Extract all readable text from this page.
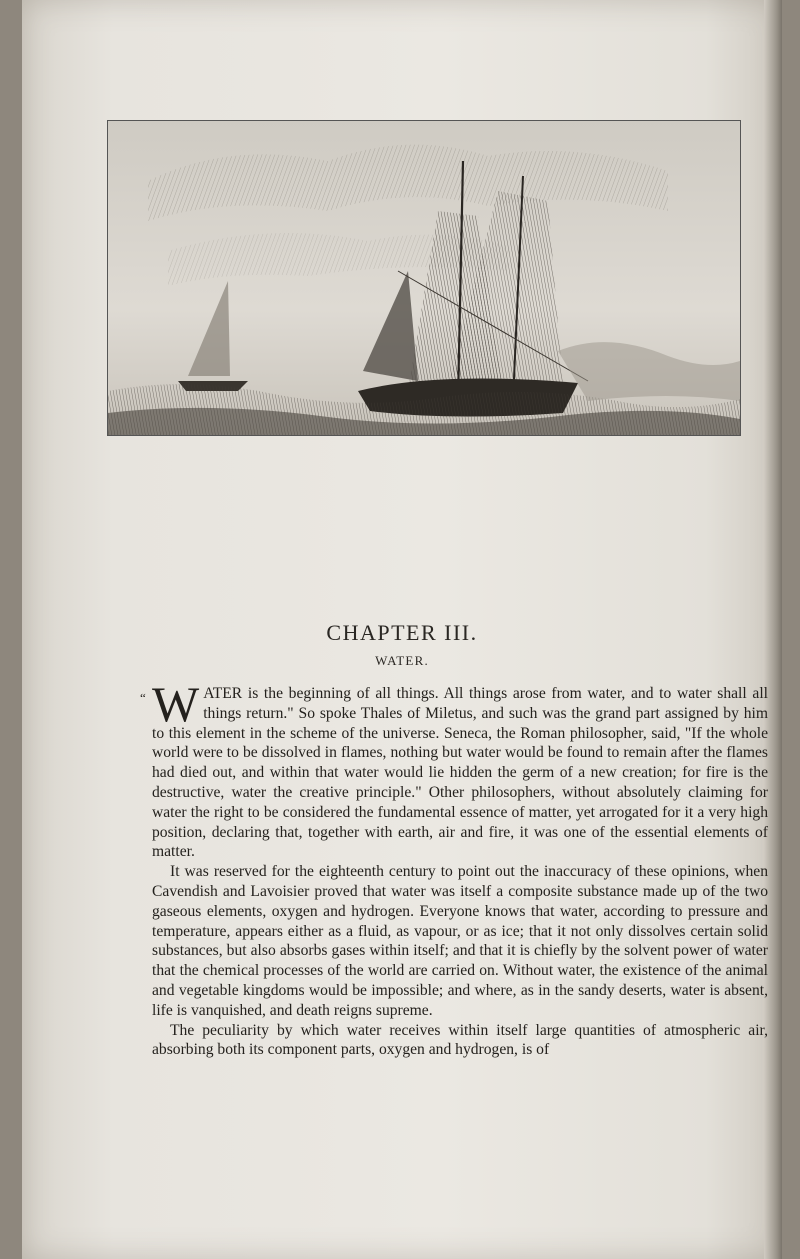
CHAPTER III.
WATER.

“ W ATER is the beginning of all things. All things arose from water, and to water shall all things return." So spoke Thales of Miletus, and such was the grand part assigned by him to this element in the scheme of the universe. Seneca, the Roman philosopher, said, "If the whole world were to be dissolved in flames, nothing but water would be found to remain after the flames had died out, and within that water would lie hidden the germ of a new creation; for fire is the destructive, water the creative principle." Other philosophers, without absolutely claiming for water the right to be considered the fundamental essence of matter, yet arrogated for it a very high position, declaring that, together with earth, air and fire, it was one of the essential elements of matter.

It was reserved for the eighteenth century to point out the inaccuracy of these opinions, when Cavendish and Lavoisier proved that water was itself a composite substance made up of the two gaseous elements, oxygen and hydrogen. Everyone knows that water, according to pressure and temperature, appears either as a fluid, as vapour, or as ice; that it not only dissolves certain solid substances, but also absorbs gases within itself; and that it is chiefly by the solvent power of water that the chemical processes of the world are carried on. Without water, the existence of the animal and vegetable kingdoms would be impossible; and where, as in the sandy deserts, water is absent, life is vanquished, and death reigns supreme.

The peculiarity by which water receives within itself large quantities of atmospheric air, absorbing both its component parts, oxygen and hydrogen, is of
